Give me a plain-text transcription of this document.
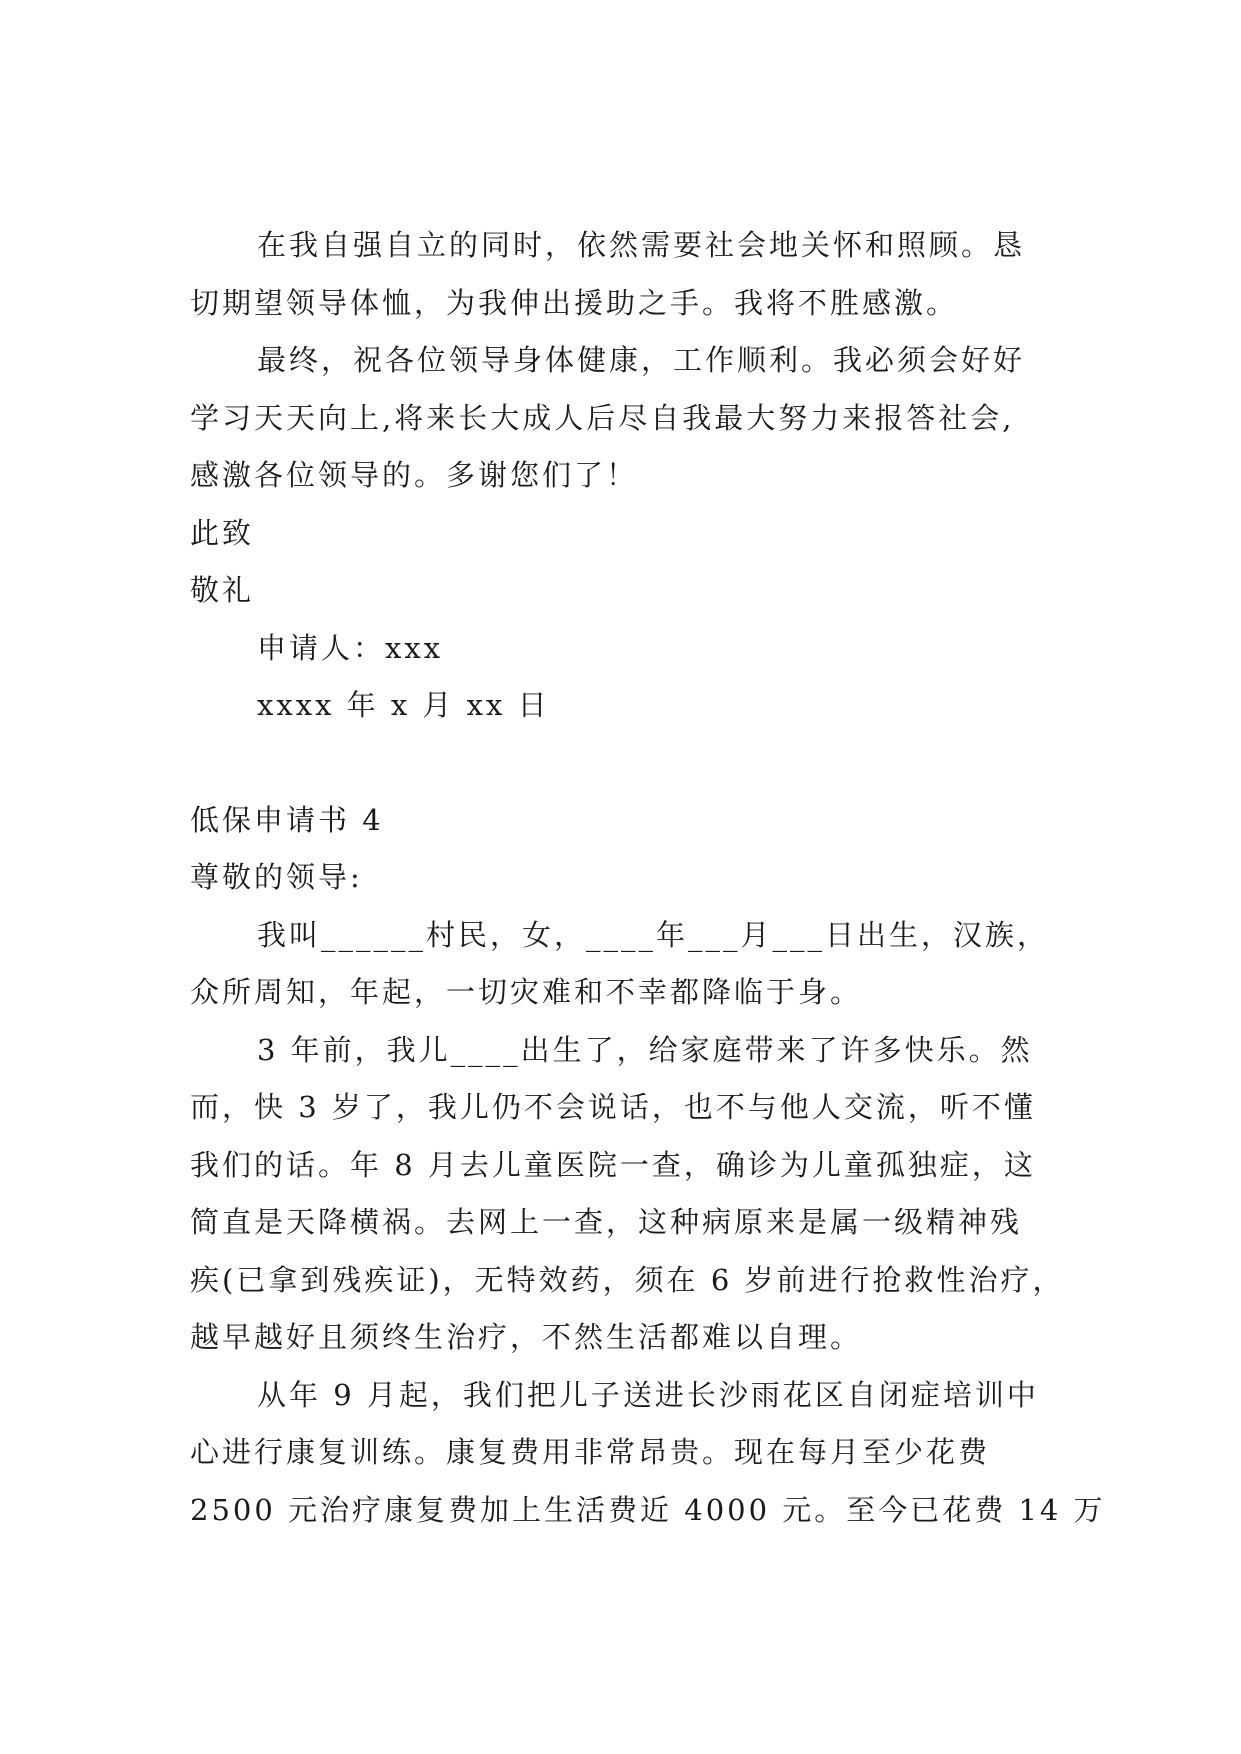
在我自强自立的同时，依然需要社会地关怀和照顾。恳
切期望领导体恤，为我伸出援助之手。我将不胜感激。
最终，祝各位领导身体健康，工作顺利。我必须会好好
学习天天向上,将来长大成人后尽自我最大努力来报答社会,
感激各位领导的。多谢您们了！
此致
敬礼
申请人：xxx
xxxx 年 x 月 xx 日
低保申请书 4
尊敬的领导:
我叫______村民，女，____年___月___日出生，汉族，
众所周知，年起，一切灾难和不幸都降临于身。
3 年前，我儿____出生了，给家庭带来了许多快乐。然
而，快 3 岁了，我儿仍不会说话，也不与他人交流，听不懂
我们的话。年 8 月去儿童医院一查，确诊为儿童孤独症，这
简直是天降横祸。去网上一查，这种病原来是属一级精神残
疾(已拿到残疾证)，无特效药，须在 6 岁前进行抢救性治疗，
越早越好且须终生治疗，不然生活都难以自理。
从年 9 月起，我们把儿子送进长沙雨花区自闭症培训中
心进行康复训练。康复费用非常昂贵。现在每月至少花费
2500 元治疗康复费加上生活费近 4000 元。至今已花费 14 万
